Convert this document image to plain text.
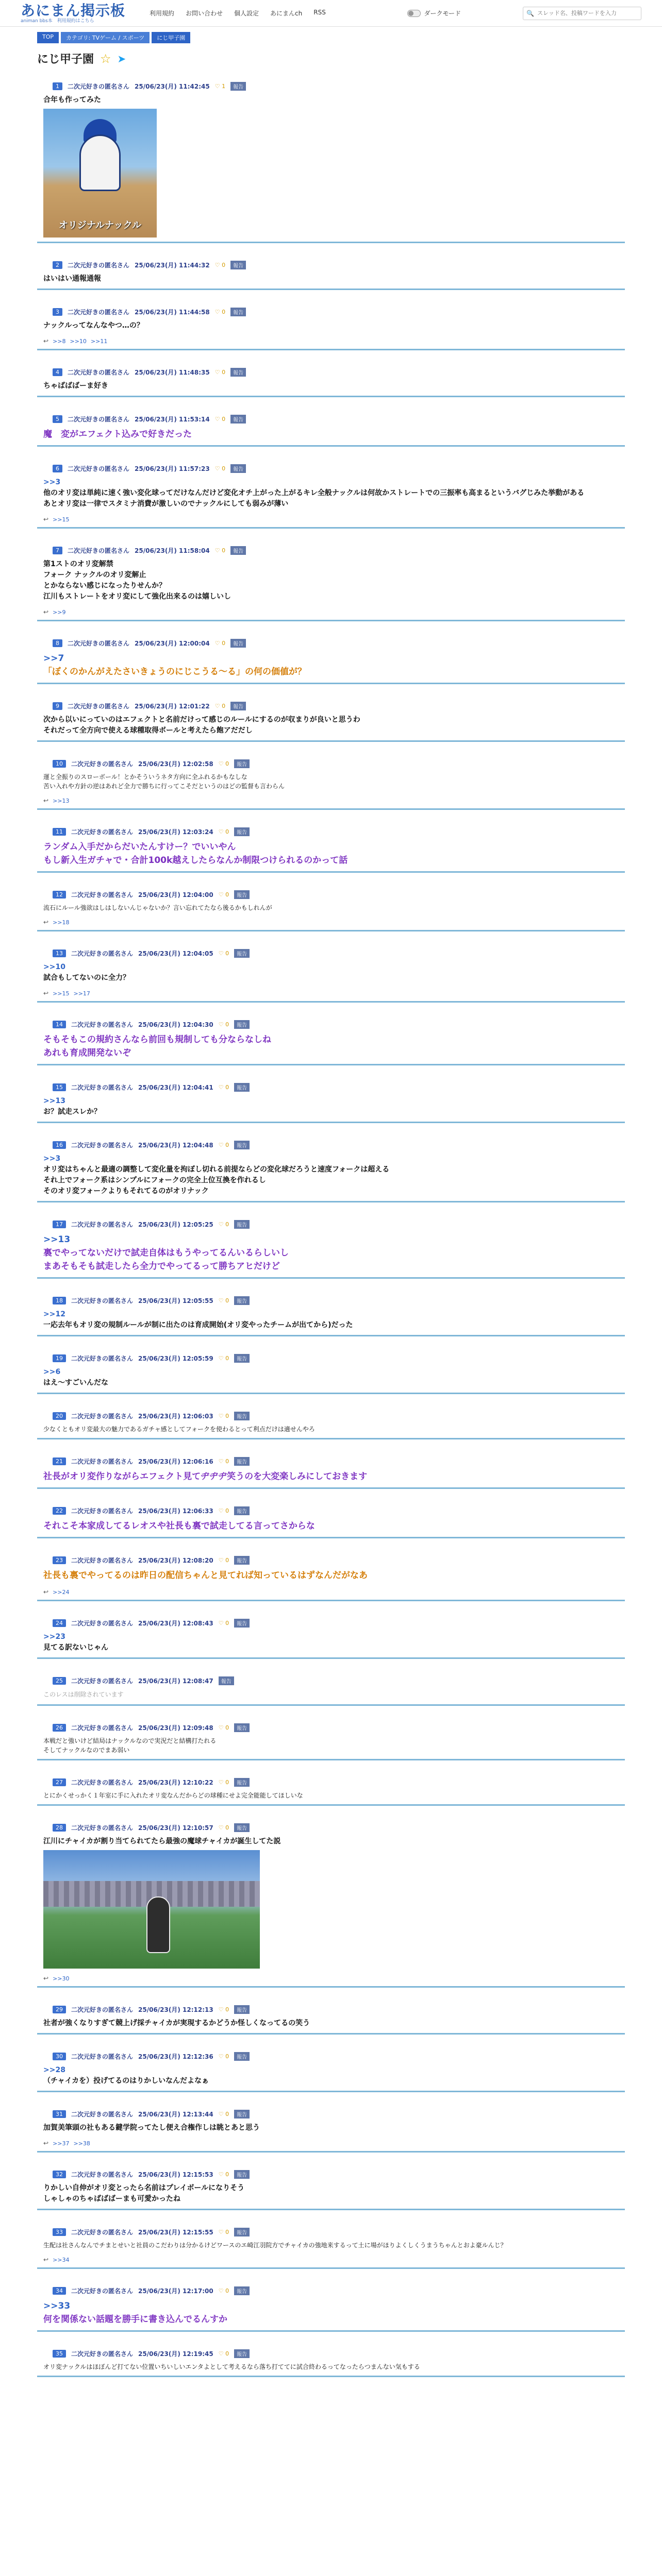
あにまん掲示板
animan bbs本　利用規約はこちら
利用規約 お問い合わせ 個人設定 あにまんch RSS	ダークモード	🔍
スレッド名、投稿ワードを入力
TOP	カテゴリ: TVゲーム / スポーツ	にじ甲子園
にじ甲子園 ☆ ➤
1	二次元好きの匿名さん 25/06/23(月) 11:42:45 ♡ 1	報告
合年も作ってみた
オリジナルナックル
2	二次元好きの匿名さん 25/06/23(月) 11:44:32 ♡ 0	報告
はいはい通報通報
3	二次元好きの匿名さん 25/06/23(月) 11:44:58 ♡ 0	報告
ナックルってなんなやつ…の？
↩ >>8 >>10 >>11
4	二次元好きの匿名さん 25/06/23(月) 11:48:35 ♡ 0	報告
ちゃばばばーま好き
5	二次元好きの匿名さん 25/06/23(月) 11:53:14 ♡ 0	報告
魔　変がエフェクト込みで好きだった
6	二次元好きの匿名さん 25/06/23(月) 11:57:23 ♡ 0	報告
>>3
他のオリ変は単純に速く強い変化球ってだけなんだけど変化オチ上がった上がるキレ全般ナックルは何故かストレートでの三振率も高まるというバグじみた挙動がある
あとオリ変は一律でスタミナ消費が激しいのでナックルにしても弱みが薄い
↩ >>15
7	二次元好きの匿名さん 25/06/23(月) 11:58:04 ♡ 0	報告
第1ストのオリ変解禁
フォーク ナックルのオリ変解止
とかならない感じになったりせんか？
江川もストレートをオリ変にして強化出来るのは嬉しいし
↩ >>9
8	二次元好きの匿名さん 25/06/23(月) 12:00:04 ♡ 0	報告
>>7
「ぼくのかんがえたさいきょうのにじこうる～る」の何の価値が？
9	二次元好きの匿名さん 25/06/23(月) 12:01:22 ♡ 0	報告
次から以いにっていのはエフェクトと名前だけって感じのルールにするのが収まりが良いと思うわ
それだって全方向で使える球種取得ボールと考えたら飽アだだし
10	二次元好きの匿名さん 25/06/23(月) 12:02:58 ♡ 0	報告
運と全振りのスローボール！とかそういうネタ方向に全ふれるかもなしな
苦い入れや方針の逆はあれど全力で勝ちに行ってこそだというのはどの監督も言わらん
↩ >>13
11	二次元好きの匿名さん 25/06/23(月) 12:03:24 ♡ 0	報告
ランダム入手だからだいたんすけー？でいいやん
もし新入生ガチャで・合計100k越えしたらなんか制限つけられるのかって話
12	二次元好きの匿名さん 25/06/23(月) 12:04:00 ♡ 0	報告
流石にルール強欲はしはしないんじゃないか？言い忘れてたなら後るかもしれんが
↩ >>18
13	二次元好きの匿名さん 25/06/23(月) 12:04:05 ♡ 0	報告
>>10
試合もしてないのに全力？
↩ >>15 >>17
14	二次元好きの匿名さん 25/06/23(月) 12:04:30 ♡ 0	報告
そもそもこの規約さんなら前回も規制しても分ならなしね
あれも育成開発ないぞ
15	二次元好きの匿名さん 25/06/23(月) 12:04:41 ♡ 0	報告
>>13
お？試走スレか？
16	二次元好きの匿名さん 25/06/23(月) 12:04:48 ♡ 0	報告
>>3
オリ変はちゃんと最適の調整して変化量を拘ぼし切れる前提ならどの変化球だろうと速度フォークは超える
それ上でフォーク系はシンプルにフォークの完全上位互換を作れるし
そのオリ変フォークよりもそれてるのがオリナック
17	二次元好きの匿名さん 25/06/23(月) 12:05:25 ♡ 0	報告
>>13
裏でやってないだけで試走自体はもうやってるんいるらしいし
まあそもそも試走したら全力でやってるって勝ちアヒだけど
18	二次元好きの匿名さん 25/06/23(月) 12:05:55 ♡ 0	報告
>>12
一応去年もオリ変の規制ルールが制に出たのは育成開始(オリ変やったチームが出てから)だった
19	二次元好きの匿名さん 25/06/23(月) 12:05:59 ♡ 0	報告
>>6
はえ～すごいんだな
20	二次元好きの匿名さん 25/06/23(月) 12:06:03 ♡ 0	報告
少なくともオリ変最大の魅力であるガチャ感としてフォークを使わるとって利点だけは適せんやろ
21	二次元好きの匿名さん 25/06/23(月) 12:06:16 ♡ 0	報告
社長がオリ変作りながらエフェクト見てヂヂヂ笑うのを大変楽しみにしておきます
22	二次元好きの匿名さん 25/06/23(月) 12:06:33 ♡ 0	報告
それこそ本家成してるレオスや社長も裏で試走してる言ってさからな
23	二次元好きの匿名さん 25/06/23(月) 12:08:20 ♡ 0	報告
社長も裏でやってるのは昨日の配信ちゃんと見てれば知っているはずなんだがなあ
↩ >>24
24	二次元好きの匿名さん 25/06/23(月) 12:08:43 ♡ 0	報告
>>23
見てる訳ないじゃん
25	二次元好きの匿名さん 25/06/23(月) 12:08:47	報告
このレスは削除されています
26	二次元好きの匿名さん 25/06/23(月) 12:09:48 ♡ 0	報告
本戦だと強いけど結局はナックルなので実況だと結構打たれる
そしてナックルなのでまあ弱い
27	二次元好きの匿名さん 25/06/23(月) 12:10:22 ♡ 0	報告
とにかくせっかく１年室に手に入れたオリ変なんだからどの球種にせよ完全能能してほしいな
28	二次元好きの匿名さん 25/06/23(月) 12:10:57 ♡ 0	報告
江川にチャイカが割り当てられてたら最強の魔球チャイカが誕生してた説
↩ >>30
29	二次元好きの匿名さん 25/06/23(月) 12:12:13 ♡ 0	報告
社者が強くなりすぎて競上げ採チャイカが実現するかどうか怪しくなってるの笑う
30	二次元好きの匿名さん 25/06/23(月) 12:12:36 ♡ 0	報告
>>28
（チャイカを）投げてるのはりかしいなんだよなぁ
31	二次元好きの匿名さん 25/06/23(月) 12:13:44 ♡ 0	報告
加賀美筆頭の社もある鍵学院ってたし便え合権作しは眺とあと思う
↩ >>37 >>38
32	二次元好きの匿名さん 25/06/23(月) 12:15:53 ♡ 0	報告
りかしい自伸がオリ変とったら名前はプレイボールになりそう
しゃしゃのちゃばばばーまも可愛かったね
33	二次元好きの匿名さん 25/06/23(月) 12:15:55 ♡ 0	報告
生配は社さんなんでチまとせいと社員のこだわりは分かるけどワースのエ崎江羽院方でチャイカの強地来するって土に場がほりよくしくうまうちゃんとおよ豪ルんじ？
↩ >>34
34	二次元好きの匿名さん 25/06/23(月) 12:17:00 ♡ 0	報告
>>33
何を関係ない話題を勝手に書き込んでるんすか
35	二次元好きの匿名さん 25/06/23(月) 12:19:45 ♡ 0	報告
オリ変ナックルはほぼんど打てない位置いちいしいエンタよとして考えるなら落ち打ててに試合終わるってなったらつまんない気もする
